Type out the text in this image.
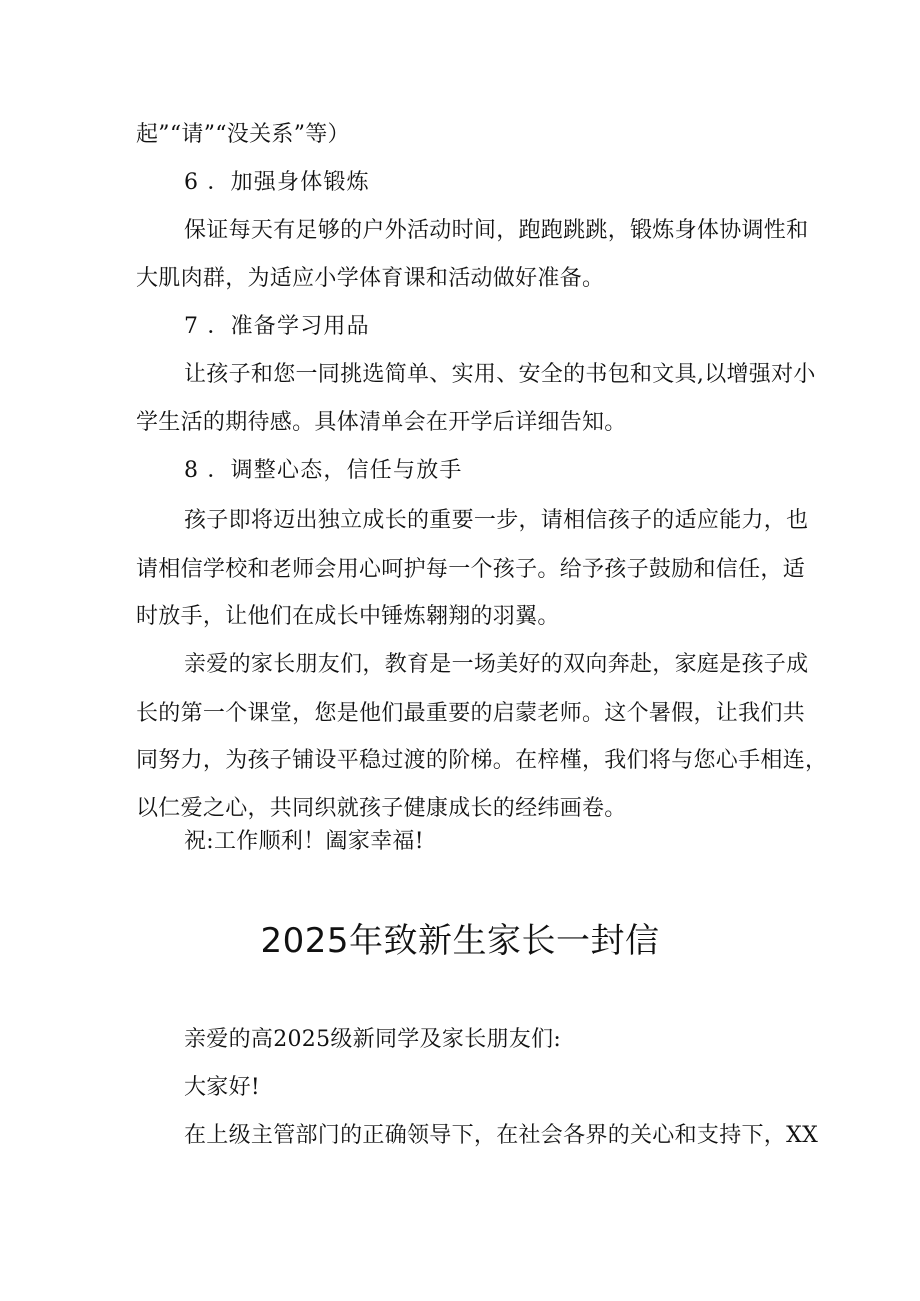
起”“请”“没关系”等）
6 ．加强身体锻炼
保证每天有足够的户外活动时间，跑跑跳跳，锻炼身体协调性和
大肌肉群，为适应小学体育课和活动做好准备。
7 ．准备学习用品
让孩子和您一同挑选简单、实用、安全的书包和文具,以增强对小
学生活的期待感。具体清单会在开学后详细告知。
8 ．调整心态，信任与放手
孩子即将迈出独立成长的重要一步，请相信孩子的适应能力，也
请相信学校和老师会用心呵护每一个孩子。给予孩子鼓励和信任，适
时放手，让他们在成长中锤炼翱翔的羽翼。
亲爱的家长朋友们，教育是一场美好的双向奔赴，家庭是孩子成
长的第一个课堂，您是他们最重要的启蒙老师。这个暑假，让我们共
同努力，为孩子铺设平稳过渡的阶梯。在梓槿，我们将与您心手相连，
以仁爱之心，共同织就孩子健康成长的经纬画卷。
祝:工作顺利！阖家幸福!
2025年致新生家长一封信
亲爱的高2025级新同学及家长朋友们:
大家好!
在上级主管部门的正确领导下，在社会各界的关心和支持下，XX
